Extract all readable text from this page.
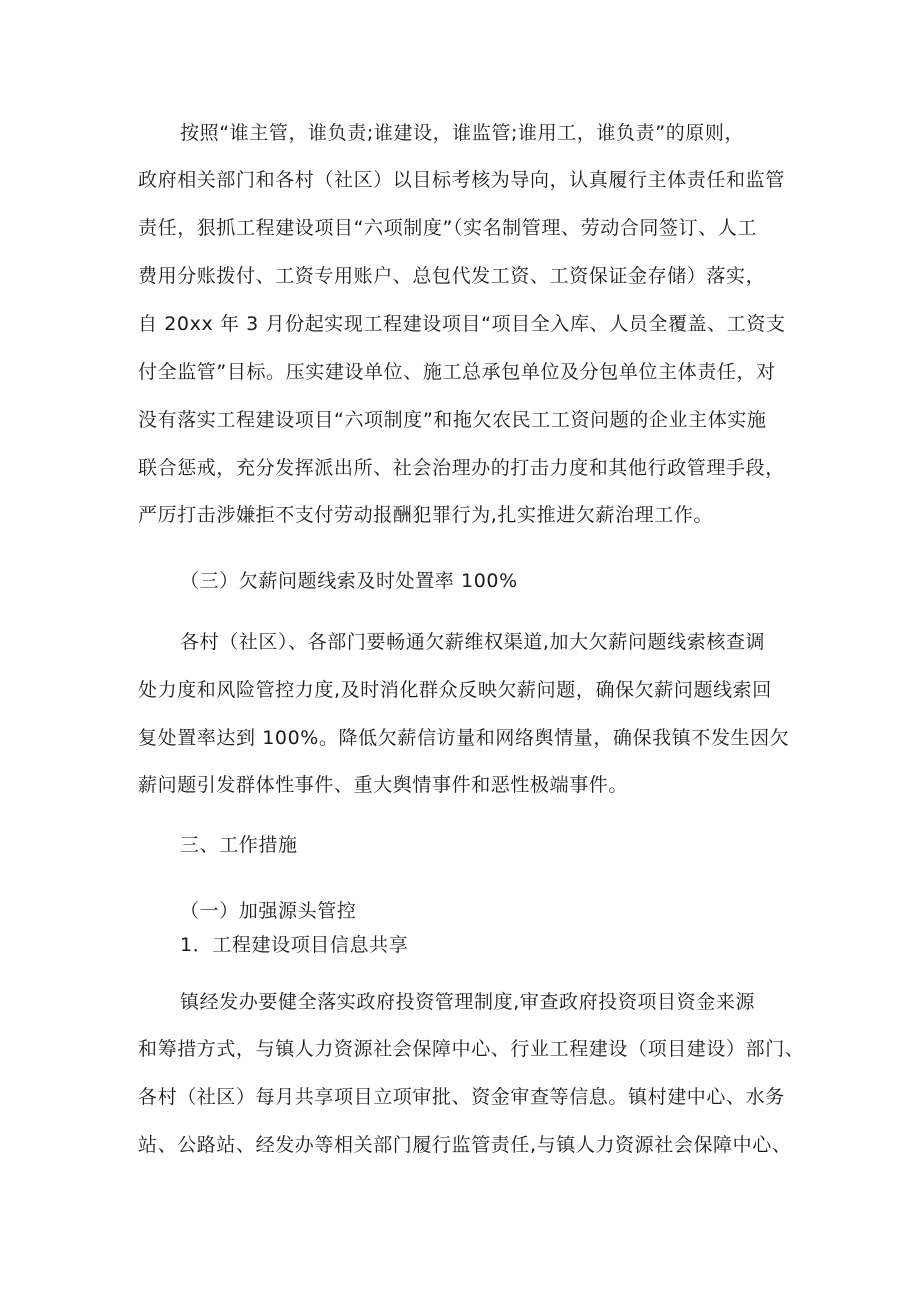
按照“谁主管，谁负责;谁建设，谁监管;谁用工，谁负责”的原则，
政府相关部门和各村（社区）以目标考核为导向，认真履行主体责任和监管
责任，狠抓工程建设项目“六项制度”（实名制管理、劳动合同签订、人工
费用分账拨付、工资专用账户、总包代发工资、工资保证金存储）落实，
自 20xx 年 3 月份起实现工程建设项目“项目全入库、人员全覆盖、工资支
付全监管”目标。压实建设单位、施工总承包单位及分包单位主体责任，对
没有落实工程建设项目“六项制度”和拖欠农民工工资问题的企业主体实施
联合惩戒，充分发挥派出所、社会治理办的打击力度和其他行政管理手段，
严厉打击涉嫌拒不支付劳动报酬犯罪行为,扎实推进欠薪治理工作。
（三）欠薪问题线索及时处置率 100%
各村（社区）、各部门要畅通欠薪维权渠道,加大欠薪问题线索核查调
处力度和风险管控力度,及时消化群众反映欠薪问题，确保欠薪问题线索回
复处置率达到 100%。降低欠薪信访量和网络舆情量，确保我镇不发生因欠
薪问题引发群体性事件、重大舆情事件和恶性极端事件。
三、工作措施
（一）加强源头管控
1．工程建设项目信息共享
镇经发办要健全落实政府投资管理制度,审查政府投资项目资金来源
和筹措方式，与镇人力资源社会保障中心、行业工程建设（项目建设）部门、
各村（社区）每月共享项目立项审批、资金审查等信息。镇村建中心、水务
站、公路站、经发办等相关部门履行监管责任,与镇人力资源社会保障中心、
